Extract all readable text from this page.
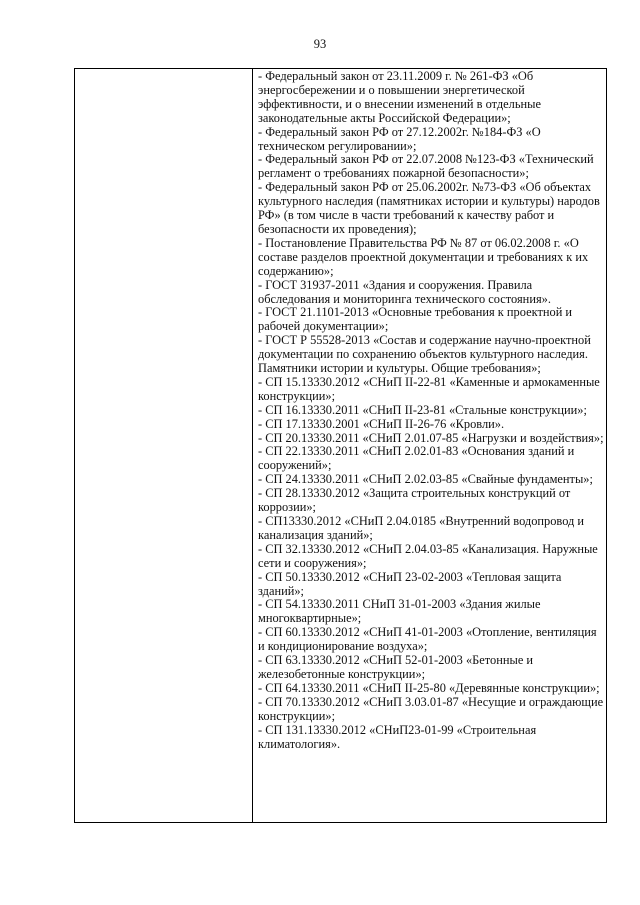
93

- Федеральный закон от 23.11.2009 г. № 261-ФЗ «Об энергосбережении и о повышении энергетической эффективности, и о внесении изменений в отдельные законодательные акты Российской Федерации»;

- Федеральный закон РФ от 27.12.2002г. №184-ФЗ «О техническом регулировании»;

- Федеральный закон РФ от 22.07.2008 №123-ФЗ «Технический регламент о требованиях пожарной безопасности»;

- Федеральный закон РФ от 25.06.2002г. №73-ФЗ «Об объектах культурного наследия (памятниках истории и культуры) народов РФ» (в том числе в части требований к качеству работ и безопасности их проведения);

- Постановление Правительства РФ № 87 от 06.02.2008 г. «О составе разделов проектной документации и требованиях к их содержанию»;

- ГОСТ 31937-2011 «Здания и сооружения. Правила обследования и мониторинга технического состояния».

- ГОСТ 21.1101-2013 «Основные требования к проектной и рабочей документации»;

- ГОСТ Р 55528-2013 «Состав и содержание научно-проектной документации по сохранению объектов культурного наследия. Памятники истории и культуры. Общие требования»;

- СП 15.13330.2012 «СНиП II-22-81 «Каменные и армокаменные конструкции»;

- СП 16.13330.2011 «СНиП II-23-81 «Стальные конструкции»;

- СП 17.13330.2001 «СНиП II-26-76 «Кровли».

- СП 20.13330.2011 «СНиП 2.01.07-85 «Нагрузки и воздействия»;

- СП 22.13330.2011 «СНиП 2.02.01-83 «Основания зданий и сооружений»;

- СП 24.13330.2011 «СНиП 2.02.03-85 «Свайные фундаменты»;

- СП 28.13330.2012 «Защита строительных конструкций от коррозии»;

- СП13330.2012 «СНиП 2.04.0185 «Внутренний водопровод и канализация зданий»;

- СП 32.13330.2012 «СНиП 2.04.03-85 «Канализация. Наружные сети и сооружения»;

- СП 50.13330.2012 «СНиП 23-02-2003 «Тепловая защита зданий»;

- СП 54.13330.2011 СНиП 31-01-2003 «Здания жилые многоквартирные»;

- СП 60.13330.2012 «СНиП 41-01-2003 «Отопление, вентиляция и кондиционирование воздуха»;

- СП 63.13330.2012 «СНиП 52-01-2003 «Бетонные и железобетонные конструкции»;

- СП 64.13330.2011 «СНиП II-25-80 «Деревянные конструкции»;

- СП 70.13330.2012 «СНиП 3.03.01-87 «Несущие и ограждающие конструкции»;

- СП 131.13330.2012 «СНиП23-01-99 «Строительная климатология».
